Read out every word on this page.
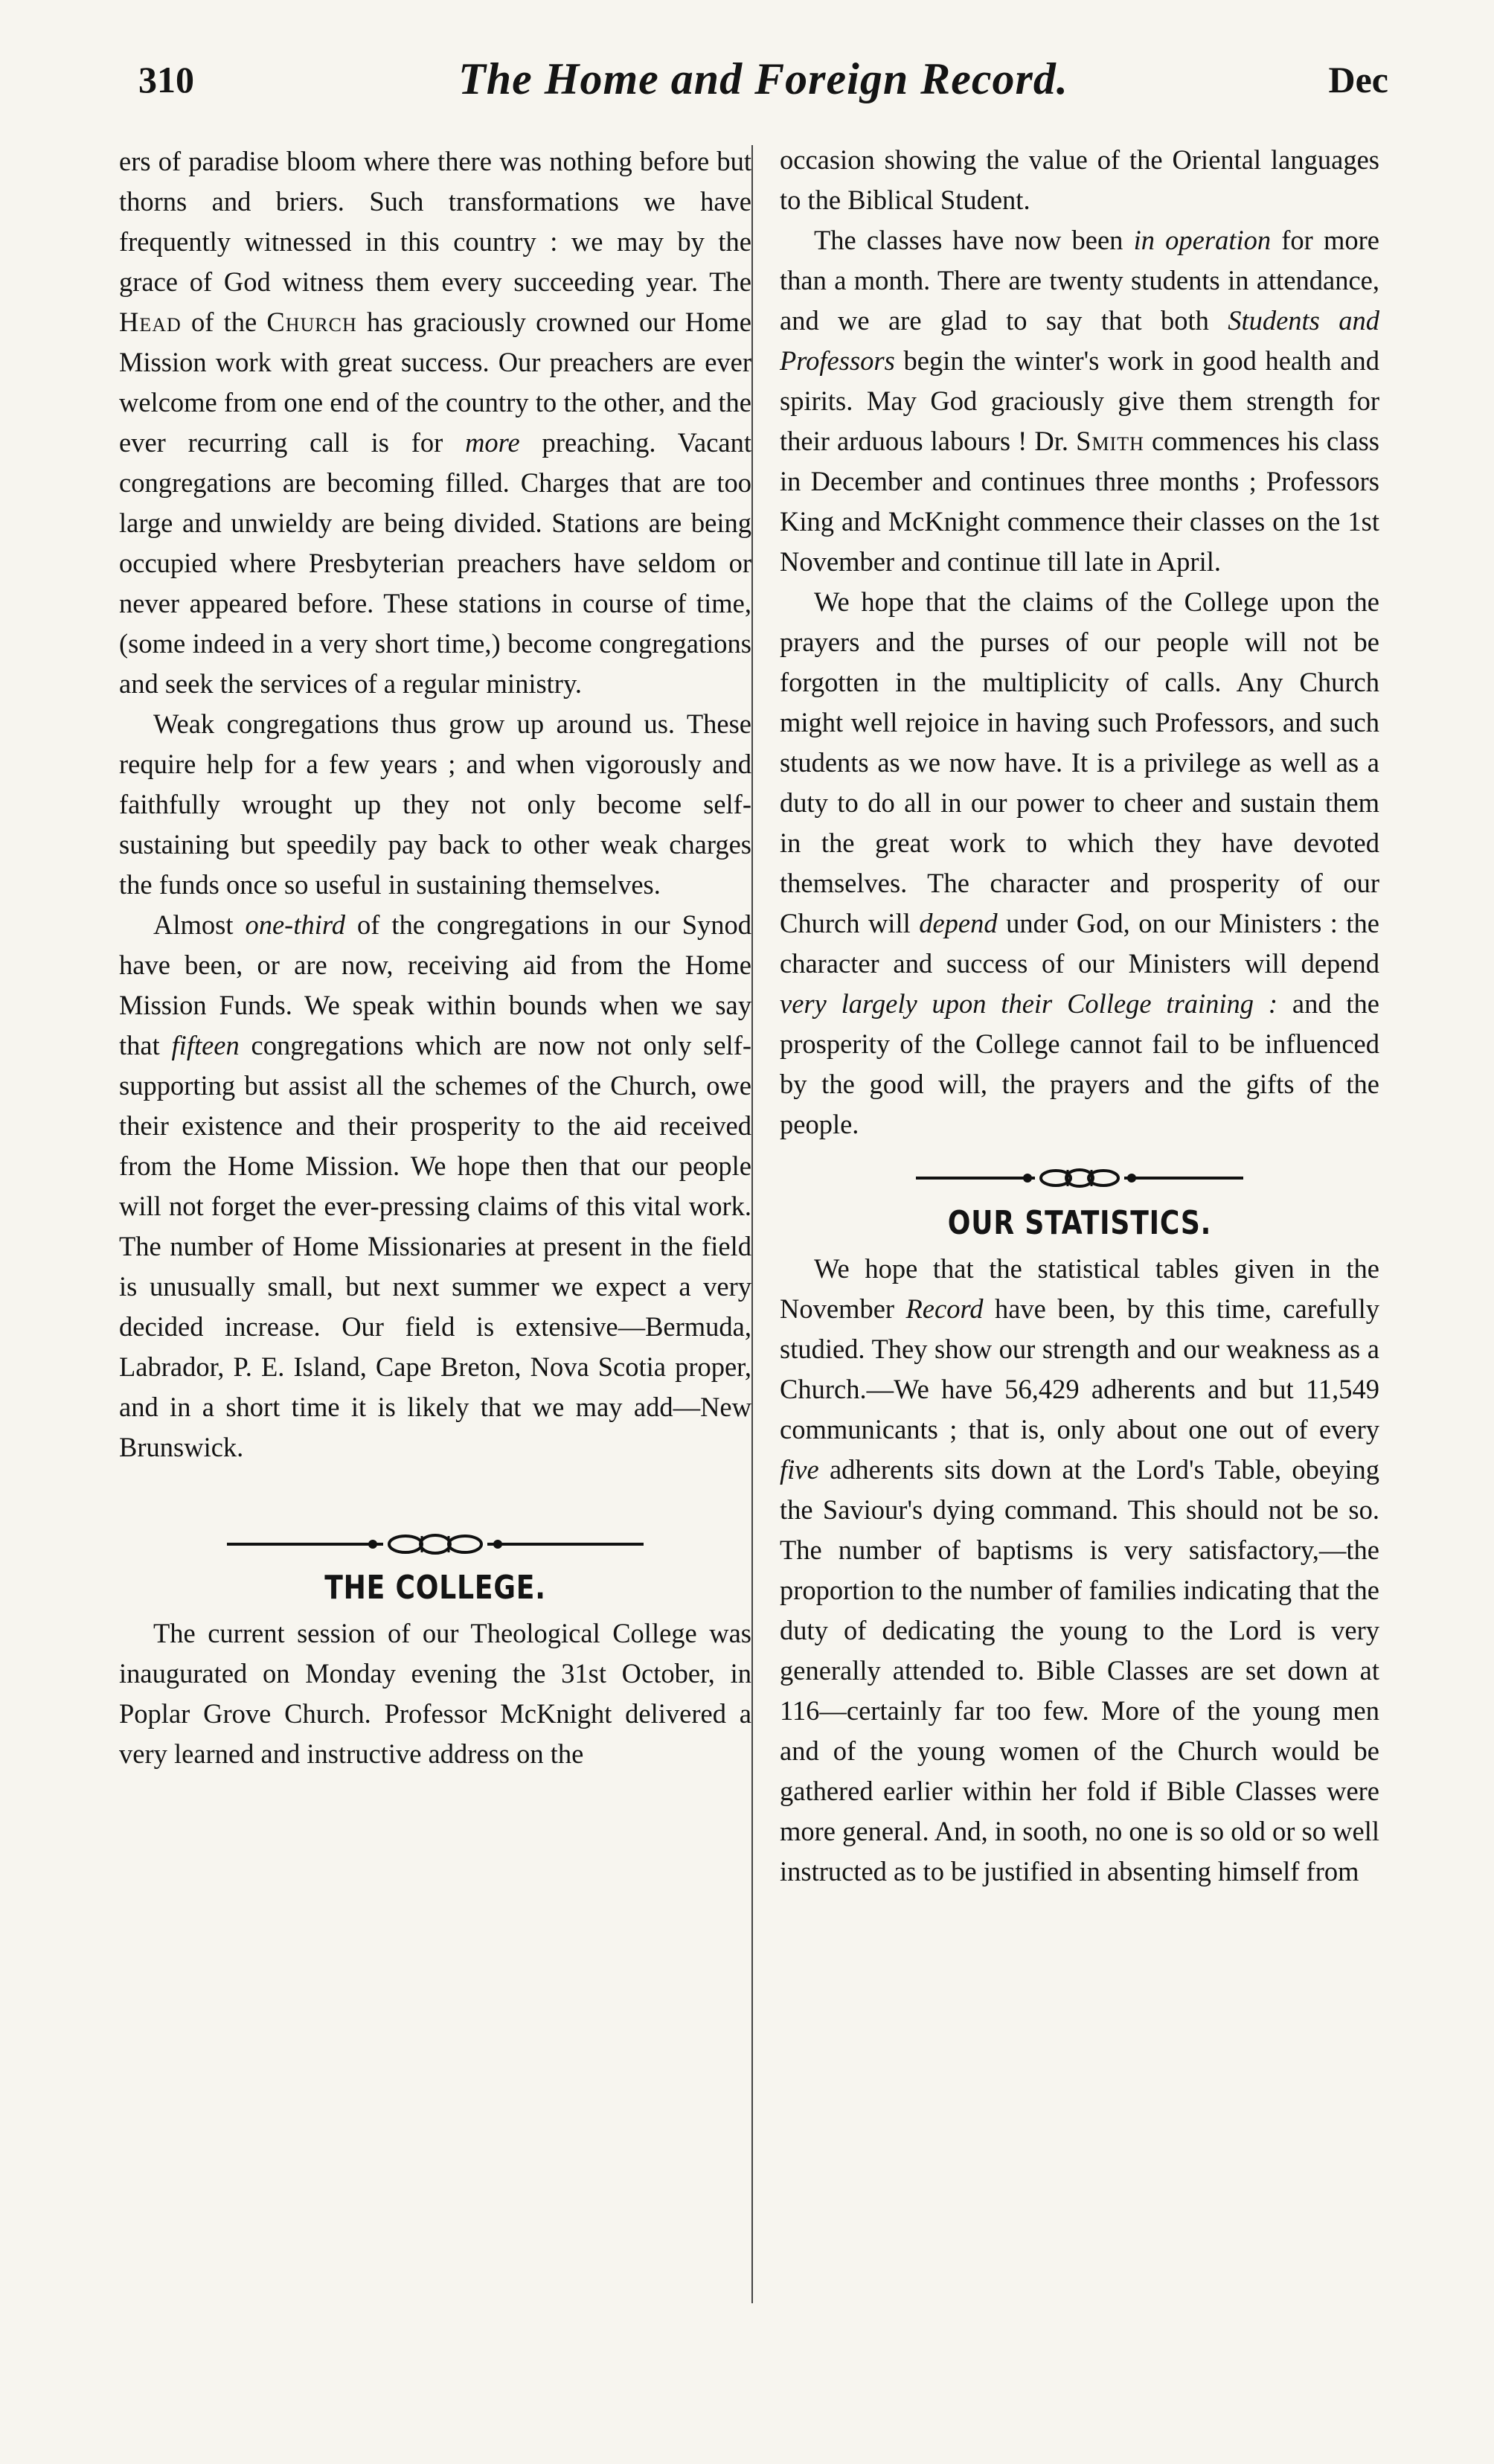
310	The Home and Foreign Record.	Dec

ers of paradise bloom where there was nothing before but thorns and briers. Such transformations we have frequently witnessed in this country : we may by the grace of God witness them every succeeding year. The Head of the Church has graciously crowned our Home Mission work with great success. Our preachers are ever welcome from one end of the country to the other, and the ever recurring call is for more preaching. Vacant congregations are becoming filled. Charges that are too large and unwieldy are being divided. Stations are being occupied where Presbyterian preachers have seldom or never appeared before. These stations in course of time, (some indeed in a very short time,) become congregations and seek the services of a regular ministry.

Weak congregations thus grow up around us. These require help for a few years ; and when vigorously and faithfully wrought up they not only become self-sustaining but speedily pay back to other weak charges the funds once so useful in sustaining themselves.

Almost one-third of the congregations in our Synod have been, or are now, receiving aid from the Home Mission Funds. We speak within bounds when we say that fifteen congregations which are now not only self-supporting but assist all the schemes of the Church, owe their existence and their prosperity to the aid received from the Home Mission. We hope then that our people will not forget the ever-pressing claims of this vital work. The number of Home Missionaries at present in the field is unusually small, but next summer we expect a very decided increase. Our field is extensive—Bermuda, Labrador, P. E. Island, Cape Breton, Nova Scotia proper, and in a short time it is likely that we may add—New Brunswick.

THE COLLEGE.

The current session of our Theological College was inaugurated on Monday evening the 31st October, in Poplar Grove Church. Professor McKnight delivered a very learned and instructive address on the

occasion showing the value of the Oriental languages to the Biblical Student.

The classes have now been in operation for more than a month. There are twenty students in attendance, and we are glad to say that both Students and Professors begin the winter's work in good health and spirits. May God graciously give them strength for their arduous labours ! Dr. Smith commences his class in December and continues three months ; Professors King and McKnight commence their classes on the 1st November and continue till late in April.

We hope that the claims of the College upon the prayers and the purses of our people will not be forgotten in the multiplicity of calls. Any Church might well rejoice in having such Professors, and such students as we now have. It is a privilege as well as a duty to do all in our power to cheer and sustain them in the great work to which they have devoted themselves. The character and prosperity of our Church will depend under God, on our Ministers : the character and success of our Ministers will depend very largely upon their College training : and the prosperity of the College cannot fail to be influenced by the good will, the prayers and the gifts of the people.

OUR STATISTICS.

We hope that the statistical tables given in the November Record have been, by this time, carefully studied. They show our strength and our weakness as a Church.—We have 56,429 adherents and but 11,549 communicants ; that is, only about one out of every five adherents sits down at the Lord's Table, obeying the Saviour's dying command. This should not be so. The number of baptisms is very satisfactory,—the proportion to the number of families indicating that the duty of dedicating the young to the Lord is very generally attended to. Bible Classes are set down at 116—certainly far too few. More of the young men and of the young women of the Church would be gathered earlier within her fold if Bible Classes were more general. And, in sooth, no one is so old or so well instructed as to be justified in absenting himself from
